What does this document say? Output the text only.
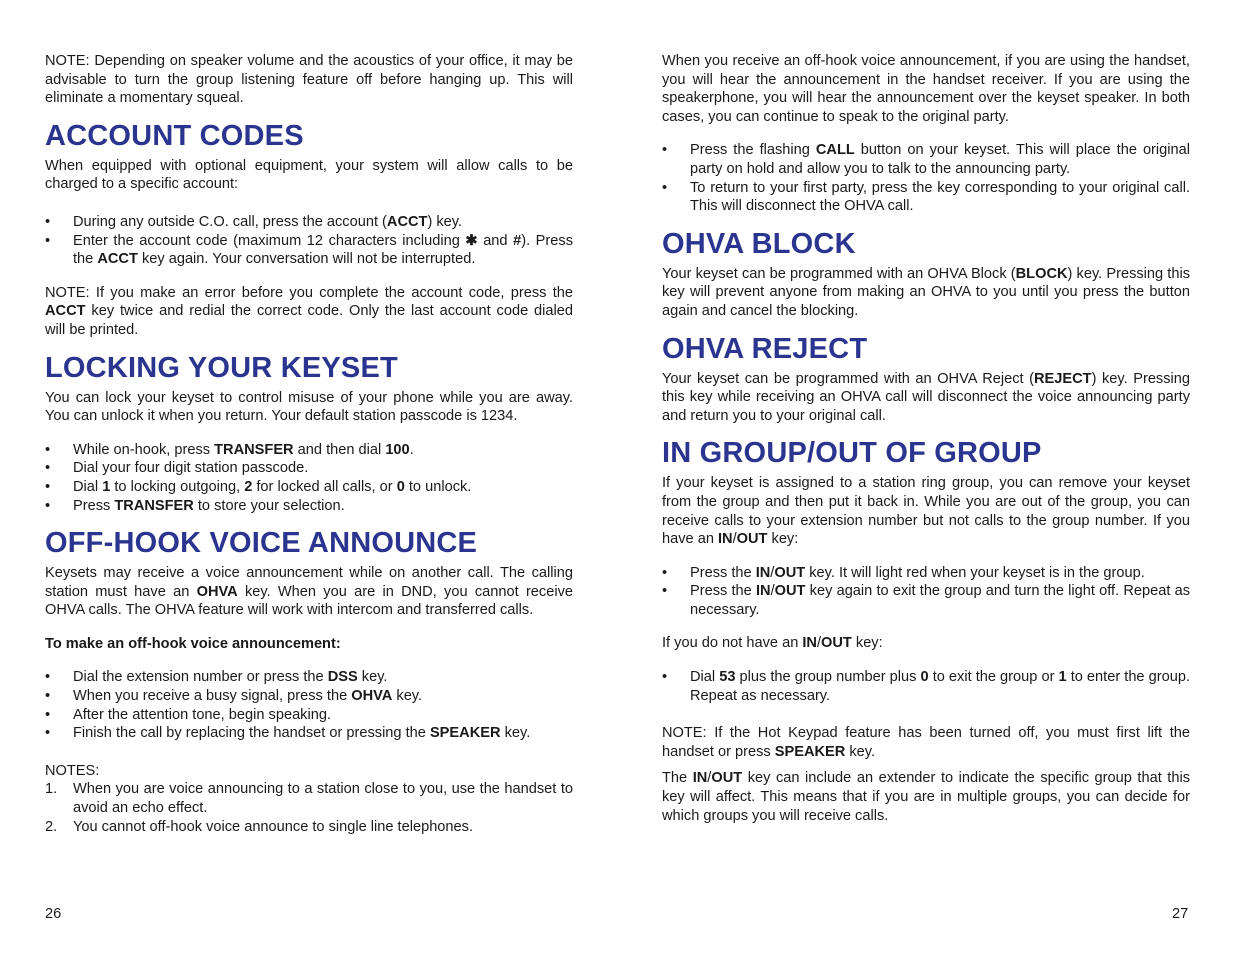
NOTE: Depending on speaker volume and the acoustics of your office, it may be advisable to turn the group listening feature off before hanging up. This will eliminate a momentary squeal.

ACCOUNT CODES

When equipped with optional equipment, your system will allow calls to be charged to a specific account:

• During any outside C.O. call, press the account (ACCT) key.
• Enter the account code (maximum 12 characters including ✱ and #). Press the ACCT key again. Your conversation will not be interrupted.

NOTE: If you make an error before you complete the account code, press the ACCT key twice and redial the correct code. Only the last account code dialed will be printed.

LOCKING YOUR KEYSET

You can lock your keyset to control misuse of your phone while you are away. You can unlock it when you return. Your default station passcode is 1234.

• While on-hook, press TRANSFER and then dial 100.
• Dial your four digit station passcode.
• Dial 1 to locking outgoing, 2 for locked all calls, or 0 to unlock.
• Press TRANSFER to store your selection.
OFF-HOOK VOICE ANNOUNCE

Keysets may receive a voice announcement while on another call. The calling station must have an OHVA key. When you are in DND, you cannot receive OHVA calls. The OHVA feature will work with intercom and transferred calls.

To make an off-hook voice announcement:

• Dial the extension number or press the DSS key.
• When you receive a busy signal, press the OHVA key.
• After the attention tone, begin speaking.
• Finish the call by replacing the handset or pressing the SPEAKER key.

NOTES:

1. When you are voice announcing to a station close to you, use the handset to avoid an echo effect.
2. You cannot off-hook voice announce to single line telephones.
26

When you receive an off-hook voice announcement, if you are using the handset, you will hear the announcement in the handset receiver. If you are using the speakerphone, you will hear the announcement over the keyset speaker. In both cases, you can continue to speak to the original party.

• Press the flashing CALL button on your keyset. This will place the original party on hold and allow you to talk to the announcing party.
• To return to your first party, press the key corresponding to your original call. This will disconnect the OHVA call.
OHVA BLOCK

Your keyset can be programmed with an OHVA Block (BLOCK) key. Pressing this key will prevent anyone from making an OHVA to you until you press the button again and cancel the blocking.

OHVA REJECT

Your keyset can be programmed with an OHVA Reject (REJECT) key. Pressing this key while receiving an OHVA call will disconnect the voice announcing party and return you to your original call.

IN GROUP/OUT OF GROUP

If your keyset is assigned to a station ring group, you can remove your keyset from the group and then put it back in. While you are out of the group, you can receive calls to your extension number but not calls to the group number. If you have an IN/OUT key:

• Press the IN/OUT key. It will light red when your keyset is in the group.
• Press the IN/OUT key again to exit the group and turn the light off. Repeat as necessary.

If you do not have an IN/OUT key:

• Dial 53 plus the group number plus 0 to exit the group or 1 to enter the group. Repeat as necessary.

NOTE: If the Hot Keypad feature has been turned off, you must first lift the handset or press SPEAKER key.

The IN/OUT key can include an extender to indicate the specific group that this key will affect. This means that if you are in multiple groups, you can decide for which groups you will receive calls.

27
